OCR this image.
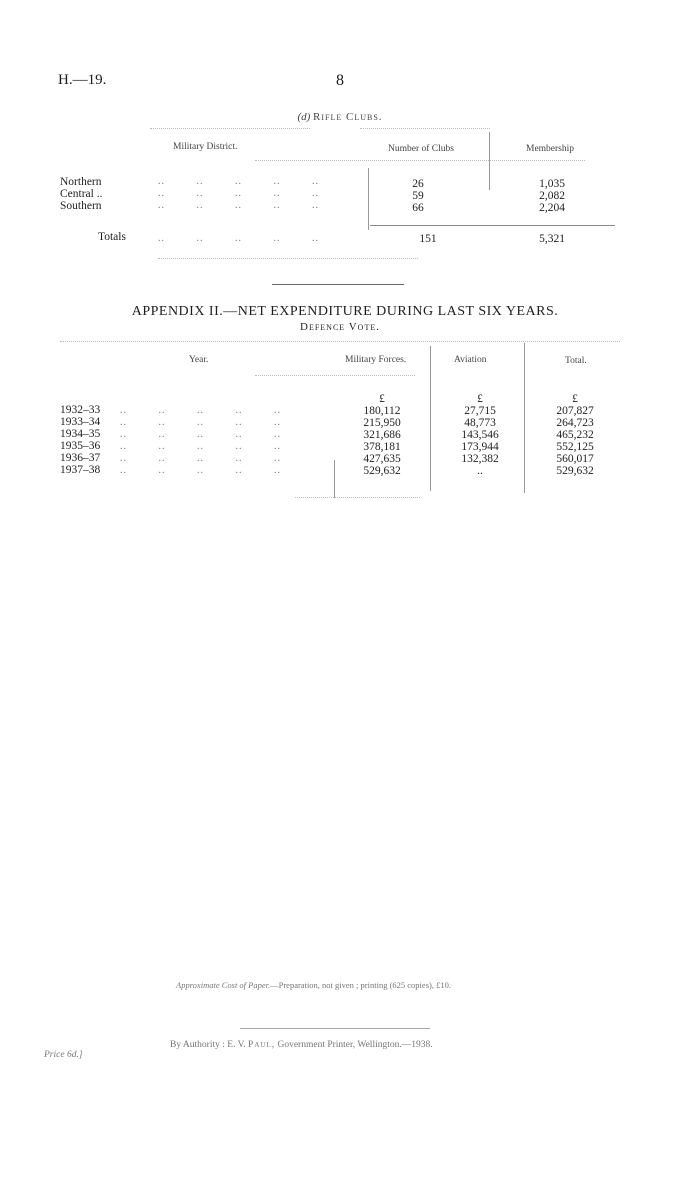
H.—19.	8
(d) Rifle Clubs.
Military District.	Number of Clubs	Membership
Northern	..         ..         ..         ..         ..	26	1,035
Central ..	..         ..         ..         ..         ..	59	2,082
Southern	..         ..         ..         ..         ..	66	2,204
Totals	..         ..         ..         ..         ..	151	5,321
APPENDIX II.—NET EXPENDITURE DURING LAST SIX YEARS.
Defence Vote.
Year.	Military Forces.	Aviation	Total.
£	£	£
1932–33 ..         ..         ..         ..         ..	180,112	27,715	207,827
1933–34 ..         ..         ..         ..         ..	215,950	48,773	264,723
1934–35 ..         ..         ..         ..         ..	321,686	143,546	465,232
1935–36 ..         ..         ..         ..         ..	378,181	173,944	552,125
1936–37 ..         ..         ..         ..         ..	427,635	132,382	560,017
1937–38 ..         ..         ..         ..         ..	529,632	..	529,632
Approximate Cost of Paper.—Preparation, not given ; printing (625 copies), £10.
By Authority : E. V. Paul, Government Printer, Wellington.—1938.
Price 6d.]
